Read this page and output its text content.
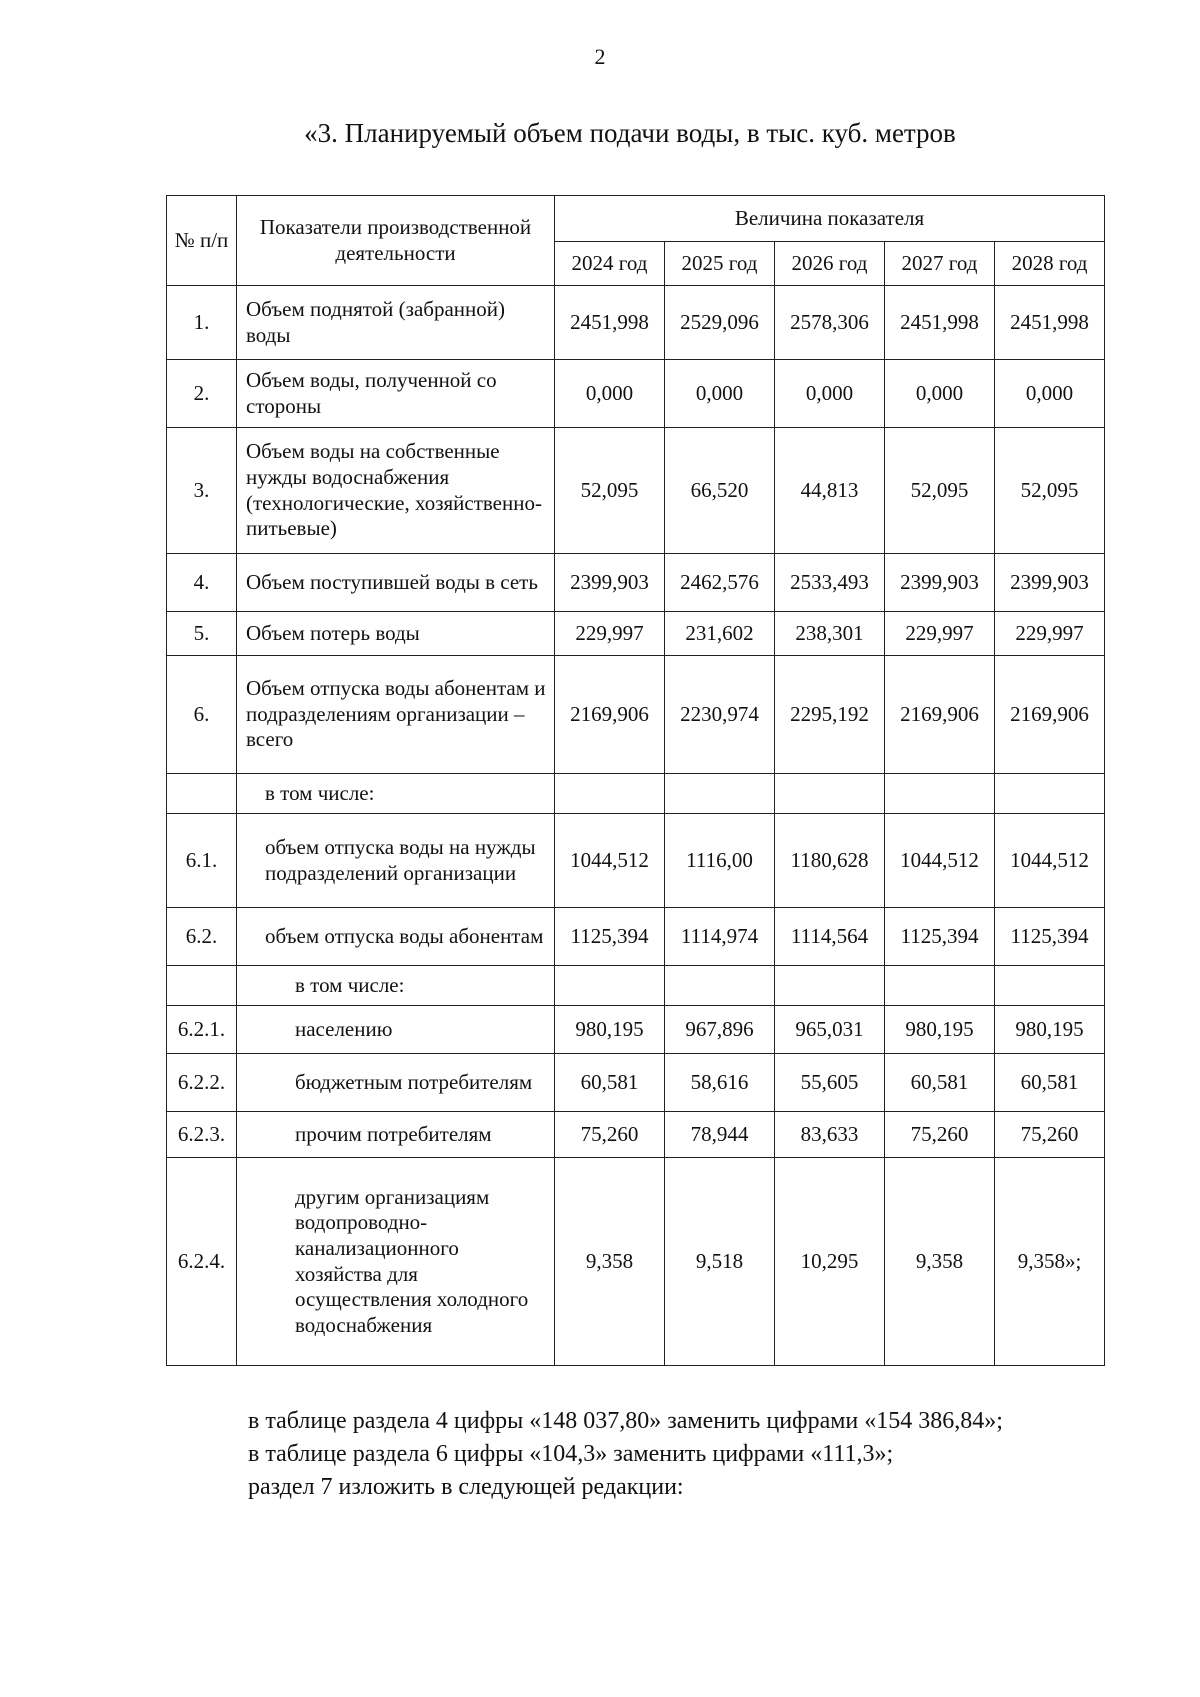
2
«3. Планируемый объем подачи воды, в тыс. куб. метров
№ п/п	Показатели производственной деятельности	Величина показателя				
		2024 год	2025 год	2026 год	2027 год	2028 год
1.	Объем поднятой (забранной) воды	2451,998	2529,096	2578,306	2451,998	2451,998
2.	Объем воды, полученной со стороны	0,000	0,000	0,000	0,000	0,000
3.	Объем воды на собственные нужды водоснабжения (технологические, хозяйственно-питьевые)	52,095	66,520	44,813	52,095	52,095
4.	Объем поступившей воды в сеть	2399,903	2462,576	2533,493	2399,903	2399,903
5.	Объем потерь воды	229,997	231,602	238,301	229,997	229,997
6.	Объем отпуска воды абонентам и подразделениям организации – всего	2169,906	2230,974	2295,192	2169,906	2169,906
	в том числе:					
6.1.	объем отпуска воды на нужды подразделений организации	1044,512	1116,00	1180,628	1044,512	1044,512
6.2.	объем отпуска воды абонентам	1125,394	1114,974	1114,564	1125,394	1125,394
	в том числе:					
6.2.1.	населению	980,195	967,896	965,031	980,195	980,195
6.2.2.	бюджетным потребителям	60,581	58,616	55,605	60,581	60,581
6.2.3.	прочим потребителям	75,260	78,944	83,633	75,260	75,260
6.2.4.	другим организациям водопроводно-канализационного хозяйства для осуществления холодного водоснабжения	9,358	9,518	10,295	9,358	9,358»;
в таблице раздела 4 цифры «148 037,80» заменить цифрами «154 386,84»;
в таблице раздела 6 цифры «104,3» заменить цифрами «111,3»;
раздел 7 изложить в следующей редакции:
